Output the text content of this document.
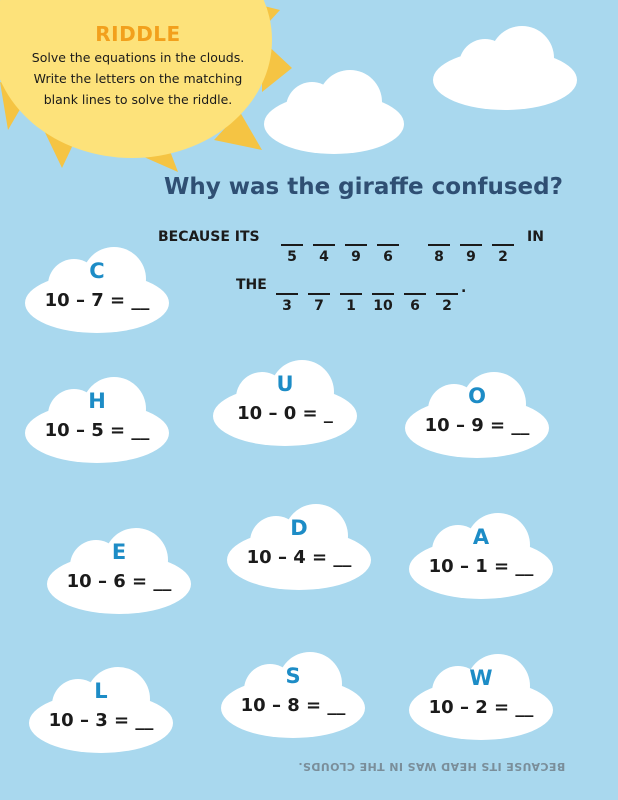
RIDDLE
Solve the equations in the clouds.
Write the letters on the matching
blank lines to solve the riddle.
Why was the giraffe confused?
BECAUSE ITS	IN
THE	.
5	4	9	6	8	9	2
3	7	1	10	6	2
C
10 – 7 = __
H
10 – 5 = __
U
10 – 0 = _
O
10 – 9 = __
E
10 – 6 = __
D
10 – 4 = __
A
10 – 1 = __
L
10 – 3 = __
S
10 – 8 = __
W
10 – 2 = __
BECAUSE ITS HEAD WAS IN THE CLOUDS.
